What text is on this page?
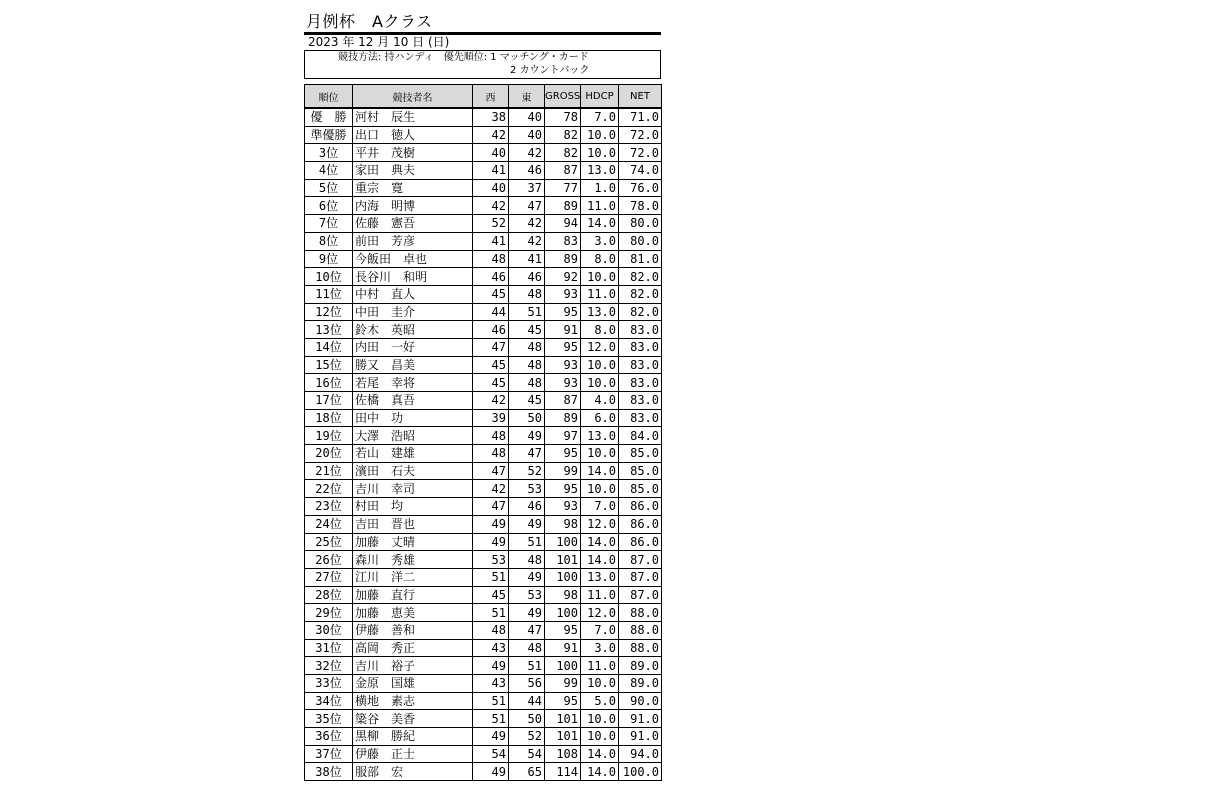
月例杯　Aクラス
2023 年 12 月 10 日 (日)
競技方法: 持ハンディ　優先順位: 1 マッチング・カード
2 カウントバック
順位	競技者名	西	東	GROSS	HDCP	NET
優　勝	河村　辰生	38	40	78	7.0	71.0
準優勝	出口　徳人	42	40	82	10.0	72.0
3位	平井　茂樹	40	42	82	10.0	72.0
4位	家田　典夫	41	46	87	13.0	74.0
5位	重宗　寛	40	37	77	1.0	76.0
6位	内海　明博	42	47	89	11.0	78.0
7位	佐藤　憲吾	52	42	94	14.0	80.0
8位	前田　芳彦	41	42	83	3.0	80.0
9位	今飯田　卓也	48	41	89	8.0	81.0
10位	長谷川　和明	46	46	92	10.0	82.0
11位	中村　直人	45	48	93	11.0	82.0
12位	中田　圭介	44	51	95	13.0	82.0
13位	鈴木　英昭	46	45	91	8.0	83.0
14位	内田　一好	47	48	95	12.0	83.0
15位	勝又　昌美	45	48	93	10.0	83.0
16位	若尾　幸将	45	48	93	10.0	83.0
17位	佐橋　真吾	42	45	87	4.0	83.0
18位	田中　功	39	50	89	6.0	83.0
19位	大澤　浩昭	48	49	97	13.0	84.0
20位	若山　建雄	48	47	95	10.0	85.0
21位	濱田　石夫	47	52	99	14.0	85.0
22位	吉川　幸司	42	53	95	10.0	85.0
23位	村田　均	47	46	93	7.0	86.0
24位	吉田　晋也	49	49	98	12.0	86.0
25位	加藤　丈晴	49	51	100	14.0	86.0
26位	森川　秀雄	53	48	101	14.0	87.0
27位	江川　洋二	51	49	100	13.0	87.0
28位	加藤　直行	45	53	98	11.0	87.0
29位	加藤　恵美	51	49	100	12.0	88.0
30位	伊藤　善和	48	47	95	7.0	88.0
31位	高岡　秀正	43	48	91	3.0	88.0
32位	吉川　裕子	49	51	100	11.0	89.0
33位	金原　国雄	43	56	99	10.0	89.0
34位	横地　素志	51	44	95	5.0	90.0
35位	簗谷　美香	51	50	101	10.0	91.0
36位	黒柳　勝紀	49	52	101	10.0	91.0
37位	伊藤　正士	54	54	108	14.0	94.0
38位	服部　宏	49	65	114	14.0	100.0
